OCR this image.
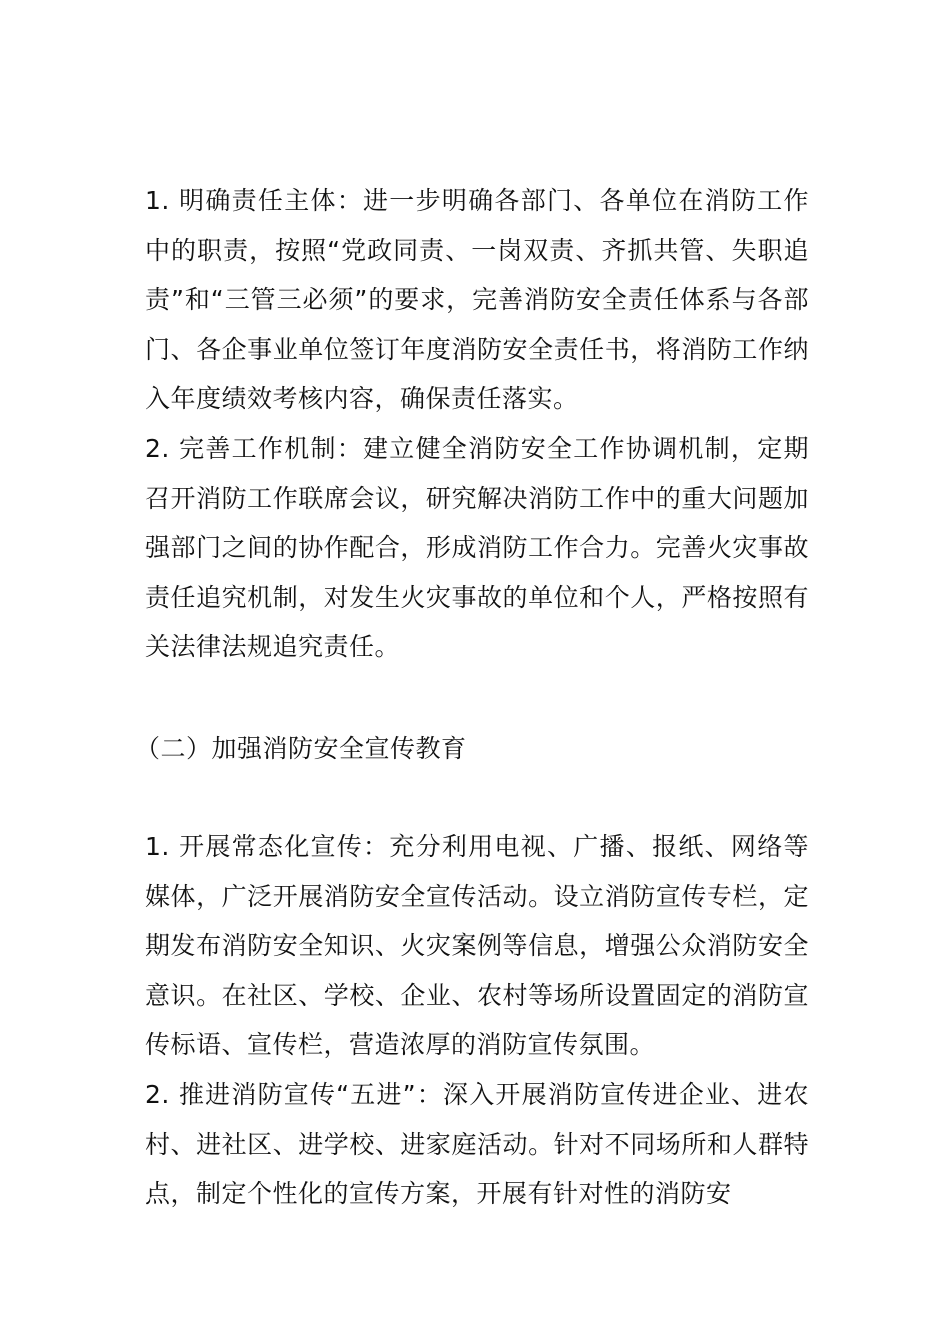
1. 明确责任主体：进一步明确各部门、各单位在消防工作中的职责，按照“党政同责、一岗双责、齐抓共管、失职追责”和“三管三必须”的要求，完善消防安全责任体系与各部门、各企事业单位签订年度消防安全责任书，将消防工作纳入年度绩效考核内容，确保责任落实。

2. 完善工作机制：建立健全消防安全工作协调机制，定期召开消防工作联席会议，研究解决消防工作中的重大问题加强部门之间的协作配合，形成消防工作合力。完善火灾事故责任追究机制，对发生火灾事故的单位和个人，严格按照有关法律法规追究责任。

（二）加强消防安全宣传教育

1. 开展常态化宣传：充分利用电视、广播、报纸、网络等媒体，广泛开展消防安全宣传活动。设立消防宣传专栏，定期发布消防安全知识、火灾案例等信息，增强公众消防安全意识。在社区、学校、企业、农村等场所设置固定的消防宣传标语、宣传栏，营造浓厚的消防宣传氛围。

2. 推进消防宣传“五进”：深入开展消防宣传进企业、进农村、进社区、进学校、进家庭活动。针对不同场所和人群特点，制定个性化的宣传方案，开展有针对性的消防安
